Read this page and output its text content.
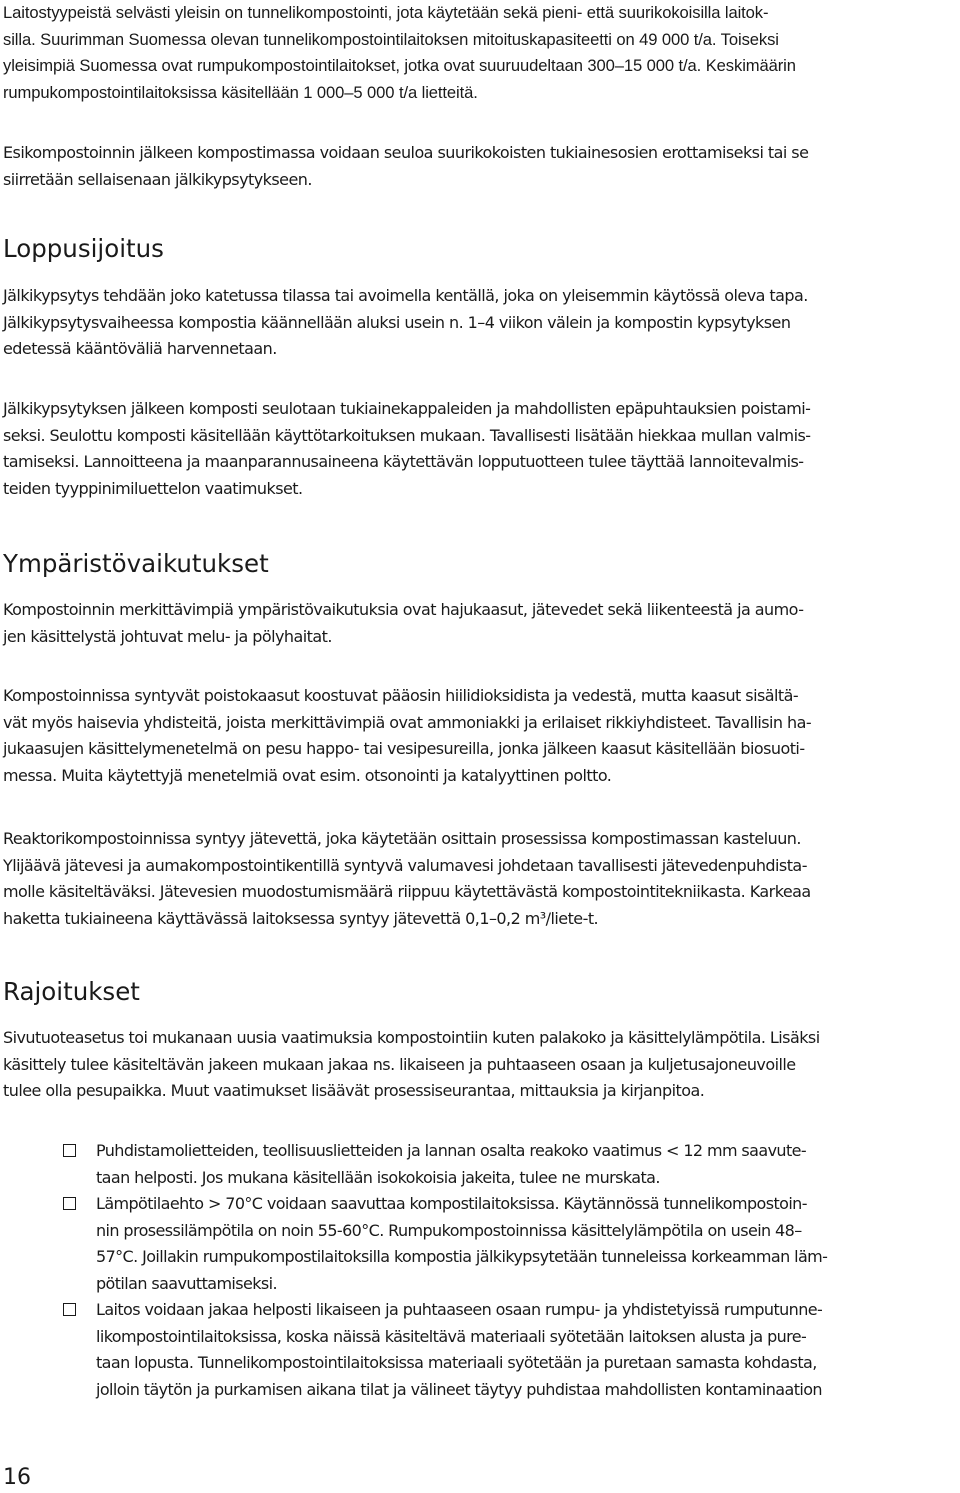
Laitostyypeistä selvästi yleisin on tunnelikompostointi, jota käytetään sekä pieni- että suurikokoisilla laitok-
silla. Suurimman Suomessa olevan tunnelikompostointilaitoksen mitoituskapasiteetti on 49 000 t/a. Toiseksi
yleisimpiä Suomessa ovat rumpukompostointilaitokset, jotka ovat suuruudeltaan 300–15 000 t/a. Keskimäärin
rumpukompostointilaitoksissa käsitellään 1 000–5 000 t/a lietteitä.
Esikompostoinnin jälkeen kompostimassa voidaan seuloa suurikokoisten tukiainesosien erottamiseksi tai se
siirretään sellaisenaan jälkikypsytykseen.
Loppusijoitus
Jälkikypsytys tehdään joko katetussa tilassa tai avoimella kentällä, joka on yleisemmin käytössä oleva tapa.
Jälkikypsytysvaiheessa kompostia käännellään aluksi usein n. 1–4 viikon välein ja kompostin kypsytyksen
edetessä kääntöväliä harvennetaan.
Jälkikypsytyksen jälkeen komposti seulotaan tukiainekappaleiden ja mahdollisten epäpuhtauksien poistami-
seksi. Seulottu komposti käsitellään käyttötarkoituksen mukaan. Tavallisesti lisätään hiekkaa mullan valmis-
tamiseksi. Lannoitteena ja maanparannusaineena käytettävän lopputuotteen tulee täyttää lannoitevalmis-
teiden tyyppinimiluettelon vaatimukset.
Ympäristövaikutukset
Kompostoinnin merkittävimpiä ympäristövaikutuksia ovat hajukaasut, jätevedet sekä liikenteestä ja aumo-
jen käsittelystä johtuvat melu- ja pölyhaitat.
Kompostoinnissa syntyvät poistokaasut koostuvat pääosin hiilidioksidista ja vedestä, mutta kaasut sisältä-
vät myös haisevia yhdisteitä, joista merkittävimpiä ovat ammoniakki ja erilaiset rikkiyhdisteet. Tavallisin ha-
jukaasujen käsittelymenetelmä on pesu happo- tai vesipesureilla, jonka jälkeen kaasut käsitellään biosuoti-
messa. Muita käytettyjä menetelmiä ovat esim. otsonointi ja katalyyttinen poltto.
Reaktorikompostoinnissa syntyy jätevettä, joka käytetään osittain prosessissa kompostimassan kasteluun.
Ylijäävä jätevesi ja aumakompostointikentillä syntyvä valumavesi johdetaan tavallisesti jätevedenpuhdista-
molle käsiteltäväksi. Jätevesien muodostumismäärä riippuu käytettävästä kompostointitekniikasta. Karkeaa
haketta tukiaineena käyttävässä laitoksessa syntyy jätevettä 0,1–0,2 m³/liete-t.
Rajoitukset
Sivutuoteasetus toi mukanaan uusia vaatimuksia kompostointiin kuten palakoko ja käsittelylämpötila. Lisäksi
käsittely tulee käsiteltävän jakeen mukaan jakaa ns. likaiseen ja puhtaaseen osaan ja kuljetusajoneuvoille
tulee olla pesupaikka. Muut vaatimukset lisäävät prosessiseurantaa, mittauksia ja kirjanpitoa.
Puhdistamolietteiden, teollisuuslietteiden ja lannan osalta reakoko vaatimus < 12 mm saavute-
taan helposti. Jos mukana käsitellään isokokoisia jakeita, tulee ne murskata.
Lämpötilaehto > 70°C voidaan saavuttaa kompostilaitoksissa. Käytännössä tunnelikompostoin-
nin prosessilämpötila on noin 55-60°C. Rumpukompostoinnissa käsittelylämpötila on usein 48–
57°C. Joillakin rumpukompostilaitoksilla kompostia jälkikypsytetään tunneleissa korkeamman läm-
pötilan saavuttamiseksi.
Laitos voidaan jakaa helposti likaiseen ja puhtaaseen osaan rumpu- ja yhdistetyissä rumputunne-
likompostointilaitoksissa, koska näissä käsiteltävä materiaali syötetään laitoksen alusta ja pure-
taan lopusta. Tunnelikompostointilaitoksissa materiaali syötetään ja puretaan samasta kohdasta,
jolloin täytön ja purkamisen aikana tilat ja välineet täytyy puhdistaa mahdollisten kontaminaation
16
